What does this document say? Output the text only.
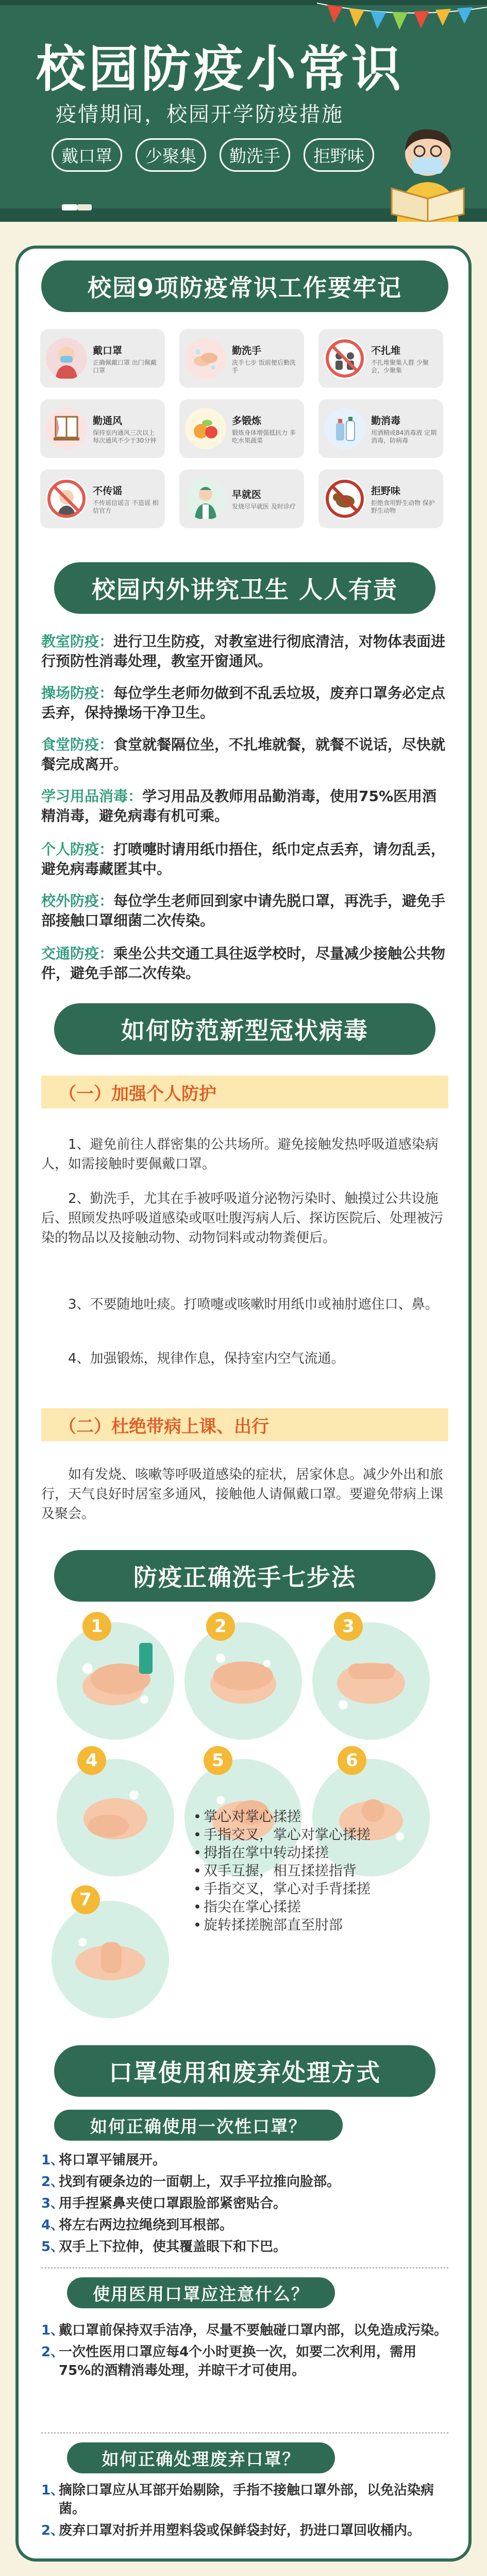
校园防疫小常识
疫情期间，校园开学防疫措施
戴口罩	少聚集	勤洗手	拒野味
校园9项防疫常识工作要牢记
戴口罩
正确佩戴口罩 出门佩戴口罩
勤洗手
洗手七步 饭前便后勤洗手
不扎堆
不扎堆聚集人群 少聚会，少聚集
勤通风
保持室内通风三次以上 每次通风不少于30分钟
多锻炼
锻炼身体增强抵抗力 多吃水果蔬菜
勤消毒
用酒精或84消毒液 定期消毒，防病毒
不传谣
不传谣信谣言 不造谣 相信官方
早就医
发烧尽早就医 及时诊疗
拒野味
拒绝食用野生动物 保护野生动物
校园内外讲究卫生 人人有责
教室防疫：进行卫生防疫，对教室进行彻底清洁，对物体表面进行预防性消毒处理，教室开窗通风。
操场防疫：每位学生老师勿做到不乱丢垃圾，废弃口罩务必定点丢弃，保持操场干净卫生。
食堂防疫：食堂就餐隔位坐，不扎堆就餐，就餐不说话，尽快就餐完成离开。
学习用品消毒：学习用品及教师用品勤消毒，使用75%医用酒精消毒，避免病毒有机可乘。
个人防疫：打喷嚏时请用纸巾捂住，纸巾定点丢弃，请勿乱丢，避免病毒藏匿其中。
校外防疫：每位学生老师回到家中请先脱口罩，再洗手，避免手部接触口罩细菌二次传染。
交通防疫：乘坐公共交通工具往返学校时，尽量减少接触公共物件，避免手部二次传染。
如何防范新型冠状病毒
（一）加强个人防护
1、避免前往人群密集的公共场所。避免接触发热呼吸道感染病人，如需接触时要佩戴口罩。
2、勤洗手，尤其在手被呼吸道分泌物污染时、触摸过公共设施后、照顾发热呼吸道感染或呕吐腹泻病人后、探访医院后、处理被污染的物品以及接触动物、动物饲料或动物粪便后。
3、不要随地吐痰。打喷嚏或咳嗽时用纸巾或袖肘遮住口、鼻。
4、加强锻炼，规律作息，保持室内空气流通。
（二）杜绝带病上课、出行
如有发烧、咳嗽等呼吸道感染的症状，居家休息。减少外出和旅行，天气良好时居室多通风，接触他人请佩戴口罩。要避免带病上课及聚会。
防疫正确洗手七步法
1	2	3
4	5	6
7
• 掌心对掌心揉搓
• 手指交叉，掌心对掌心揉搓
• 拇指在掌中转动揉搓
• 双手互握，相互揉搓指背
• 手指交叉，掌心对手背揉搓
• 指尖在掌心揉搓
• 旋转揉搓腕部直至肘部
口罩使用和废弃处理方式
如何正确使用一次性口罩？
1、
将口罩平铺展开。
2、
找到有硬条边的一面朝上，双手平拉推向脸部。
3、
用手捏紧鼻夹使口罩跟脸部紧密贴合。
4、
将左右两边拉绳绕到耳根部。
5、
双手上下拉伸，使其覆盖眼下和下巴。
使用医用口罩应注意什么？
1、
戴口罩前保持双手洁净，尽量不要触碰口罩内部，以免造成污染。
2、
一次性医用口罩应每4个小时更换一次，如要二次利用，需用75%的酒精消毒处理，并晾干才可使用。
如何正确处理废弃口罩？
1、
摘除口罩应从耳部开始剔除，手指不接触口罩外部，以免沾染病菌。
2、
废弃口罩对折并用塑料袋或保鲜袋封好，扔进口罩回收桶内。
